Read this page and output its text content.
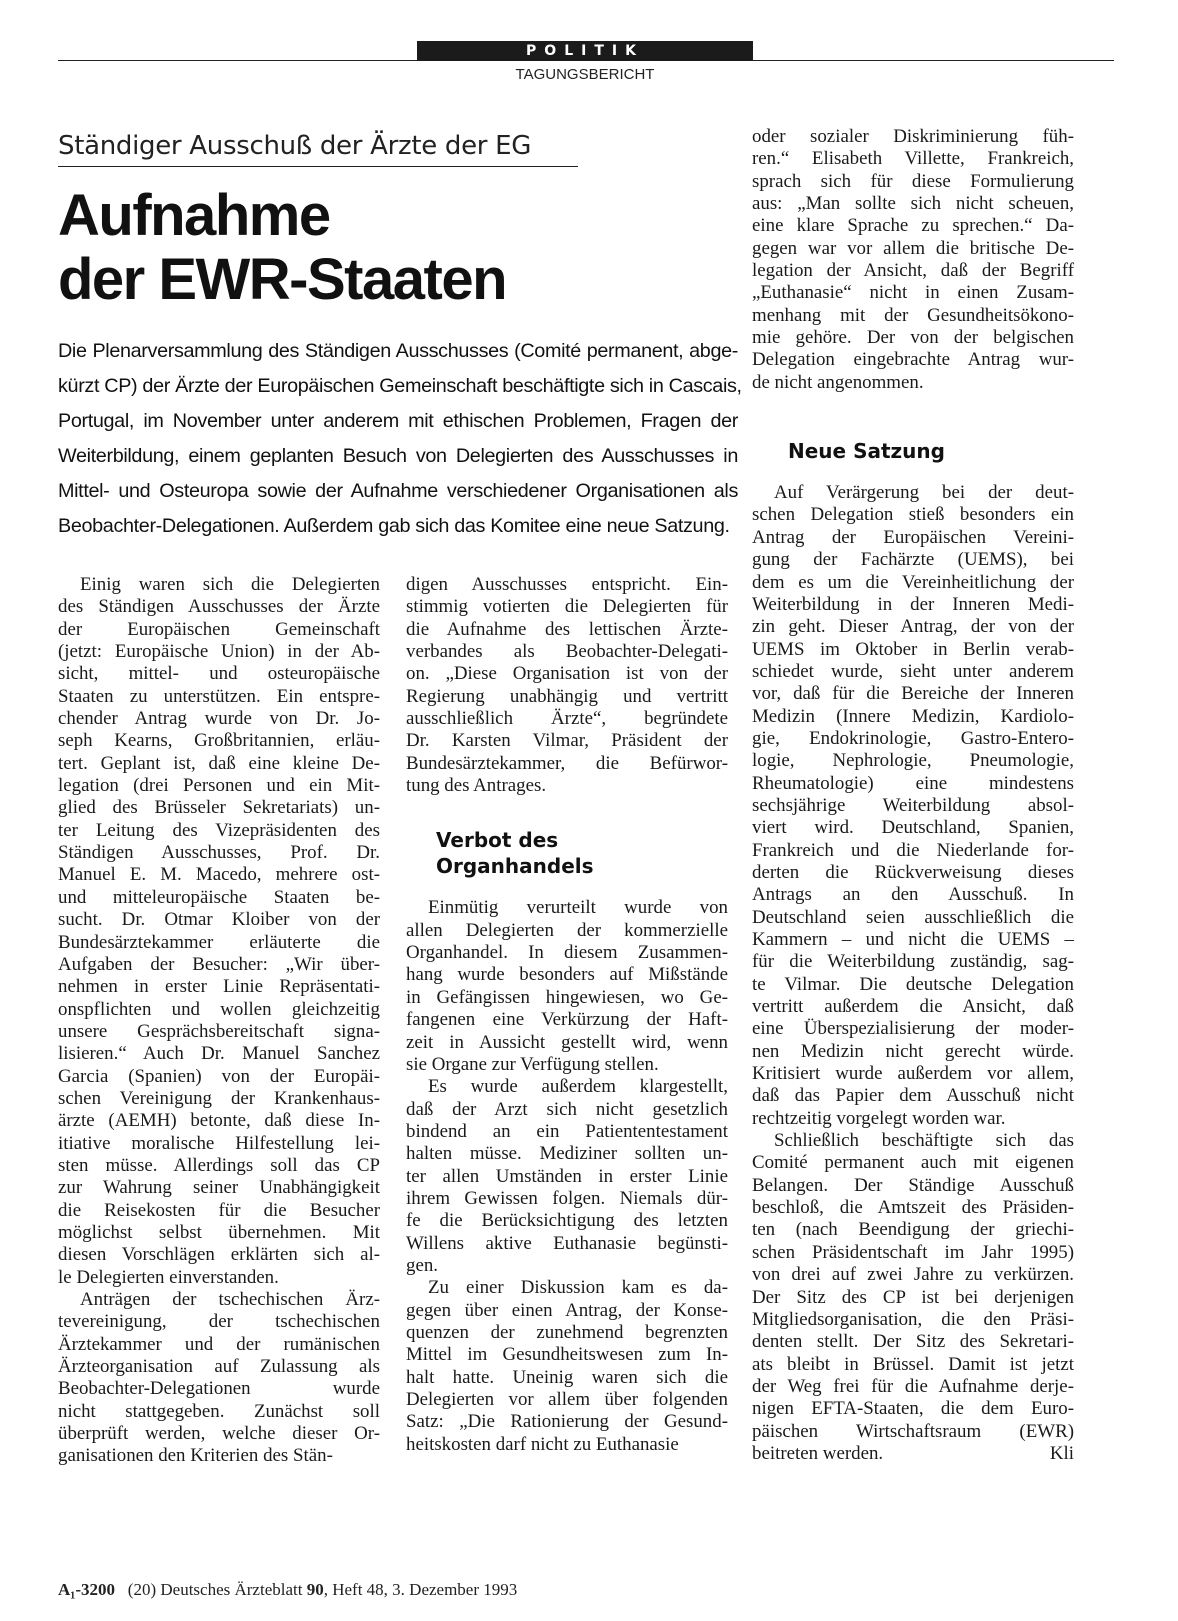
POLITIK
TAGUNGSBERICHT
Ständiger Ausschuß der Ärzte der EG
Aufnahme
der EWR-Staaten
Die Plenarversammlung des Ständigen Ausschusses (Comité permanent, abge-
kürzt CP) der Ärzte der Europäischen Gemeinschaft beschäftigte sich in Cascais,
Portugal, im November unter anderem mit ethischen Problemen, Fragen der
Weiterbildung, einem geplanten Besuch von Delegierten des Ausschusses in
Mittel- und Osteuropa sowie der Aufnahme verschiedener Organisationen als
Beobachter-Delegationen. Außerdem gab sich das Komitee eine neue Satzung.
Einig waren sich die Delegierten
des Ständigen Ausschusses der Ärzte
der Europäischen Gemeinschaft
(jetzt: Europäische Union) in der Ab-
sicht, mittel- und osteuropäische
Staaten zu unterstützen. Ein entspre-
chender Antrag wurde von Dr. Jo-
seph Kearns, Großbritannien, erläu-
tert. Geplant ist, daß eine kleine De-
legation (drei Personen und ein Mit-
glied des Brüsseler Sekretariats) un-
ter Leitung des Vizepräsidenten des
Ständigen Ausschusses, Prof. Dr.
Manuel E. M. Macedo, mehrere ost-
und mitteleuropäische Staaten be-
sucht. Dr. Otmar Kloiber von der
Bundesärztekammer erläuterte die
Aufgaben der Besucher: „Wir über-
nehmen in erster Linie Repräsentati-
onspflichten und wollen gleichzeitig
unsere Gesprächsbereitschaft signa-
lisieren.“ Auch Dr. Manuel Sanchez
Garcia (Spanien) von der Europäi-
schen Vereinigung der Krankenhaus-
ärzte (AEMH) betonte, daß diese In-
itiative moralische Hilfestellung lei-
sten müsse. Allerdings soll das CP
zur Wahrung seiner Unabhängigkeit
die Reisekosten für die Besucher
möglichst selbst übernehmen. Mit
diesen Vorschlägen erklärten sich al-
le Delegierten einverstanden.
Anträgen der tschechischen Ärz-
tevereinigung, der tschechischen
Ärztekammer und der rumänischen
Ärzteorganisation auf Zulassung als
Beobachter-Delegationen wurde
nicht stattgegeben. Zunächst soll
überprüft werden, welche dieser Or-
ganisationen den Kriterien des Stän-
digen Ausschusses entspricht. Ein-
stimmig votierten die Delegierten für
die Aufnahme des lettischen Ärzte-
verbandes als Beobachter-Delegati-
on. „Diese Organisation ist von der
Regierung unabhängig und vertritt
ausschließlich Ärzte“, begründete
Dr. Karsten Vilmar, Präsident der
Bundesärztekammer, die Befürwor-
tung des Antrages.
Verbot des
Organhandels
Einmütig verurteilt wurde von
allen Delegierten der kommerzielle
Organhandel. In diesem Zusammen-
hang wurde besonders auf Mißstände
in Gefängissen hingewiesen, wo Ge-
fangenen eine Verkürzung der Haft-
zeit in Aussicht gestellt wird, wenn
sie Organe zur Verfügung stellen.
Es wurde außerdem klargestellt,
daß der Arzt sich nicht gesetzlich
bindend an ein Patiententestament
halten müsse. Mediziner sollten un-
ter allen Umständen in erster Linie
ihrem Gewissen folgen. Niemals dür-
fe die Berücksichtigung des letzten
Willens aktive Euthanasie begünsti-
gen.
Zu einer Diskussion kam es da-
gegen über einen Antrag, der Konse-
quenzen der zunehmend begrenzten
Mittel im Gesundheitswesen zum In-
halt hatte. Uneinig waren sich die
Delegierten vor allem über folgenden
Satz: „Die Rationierung der Gesund-
heitskosten darf nicht zu Euthanasie
oder sozialer Diskriminierung füh-
ren.“ Elisabeth Villette, Frankreich,
sprach sich für diese Formulierung
aus: „Man sollte sich nicht scheuen,
eine klare Sprache zu sprechen.“ Da-
gegen war vor allem die britische De-
legation der Ansicht, daß der Begriff
„Euthanasie“ nicht in einen Zusam-
menhang mit der Gesundheitsökono-
mie gehöre. Der von der belgischen
Delegation eingebrachte Antrag wur-
de nicht angenommen.
Neue Satzung
Auf Verärgerung bei der deut-
schen Delegation stieß besonders ein
Antrag der Europäischen Vereini-
gung der Fachärzte (UEMS), bei
dem es um die Vereinheitlichung der
Weiterbildung in der Inneren Medi-
zin geht. Dieser Antrag, der von der
UEMS im Oktober in Berlin verab-
schiedet wurde, sieht unter anderem
vor, daß für die Bereiche der Inneren
Medizin (Innere Medizin, Kardiolo-
gie, Endokrinologie, Gastro-Entero-
logie, Nephrologie, Pneumologie,
Rheumatologie) eine mindestens
sechsjährige Weiterbildung absol-
viert wird. Deutschland, Spanien,
Frankreich und die Niederlande for-
derten die Rückverweisung dieses
Antrags an den Ausschuß. In
Deutschland seien ausschließlich die
Kammern – und nicht die UEMS –
für die Weiterbildung zuständig, sag-
te Vilmar. Die deutsche Delegation
vertritt außerdem die Ansicht, daß
eine Überspezialisierung der moder-
nen Medizin nicht gerecht würde.
Kritisiert wurde außerdem vor allem,
daß das Papier dem Ausschuß nicht
rechtzeitig vorgelegt worden war.
Schließlich beschäftigte sich das
Comité permanent auch mit eigenen
Belangen. Der Ständige Ausschuß
beschloß, die Amtszeit des Präsiden-
ten (nach Beendigung der griechi-
schen Präsidentschaft im Jahr 1995)
von drei auf zwei Jahre zu verkürzen.
Der Sitz des CP ist bei derjenigen
Mitgliedsorganisation, die den Präsi-
denten stellt. Der Sitz des Sekretari-
ats bleibt in Brüssel. Damit ist jetzt
der Weg frei für die Aufnahme derje-
nigen EFTA-Staaten, die dem Euro-
päischen Wirtschaftsraum (EWR)
beitreten werden.	Kli
A₁-3200 (20) Deutsches Ärzteblatt 90, Heft 48, 3. Dezember 1993
